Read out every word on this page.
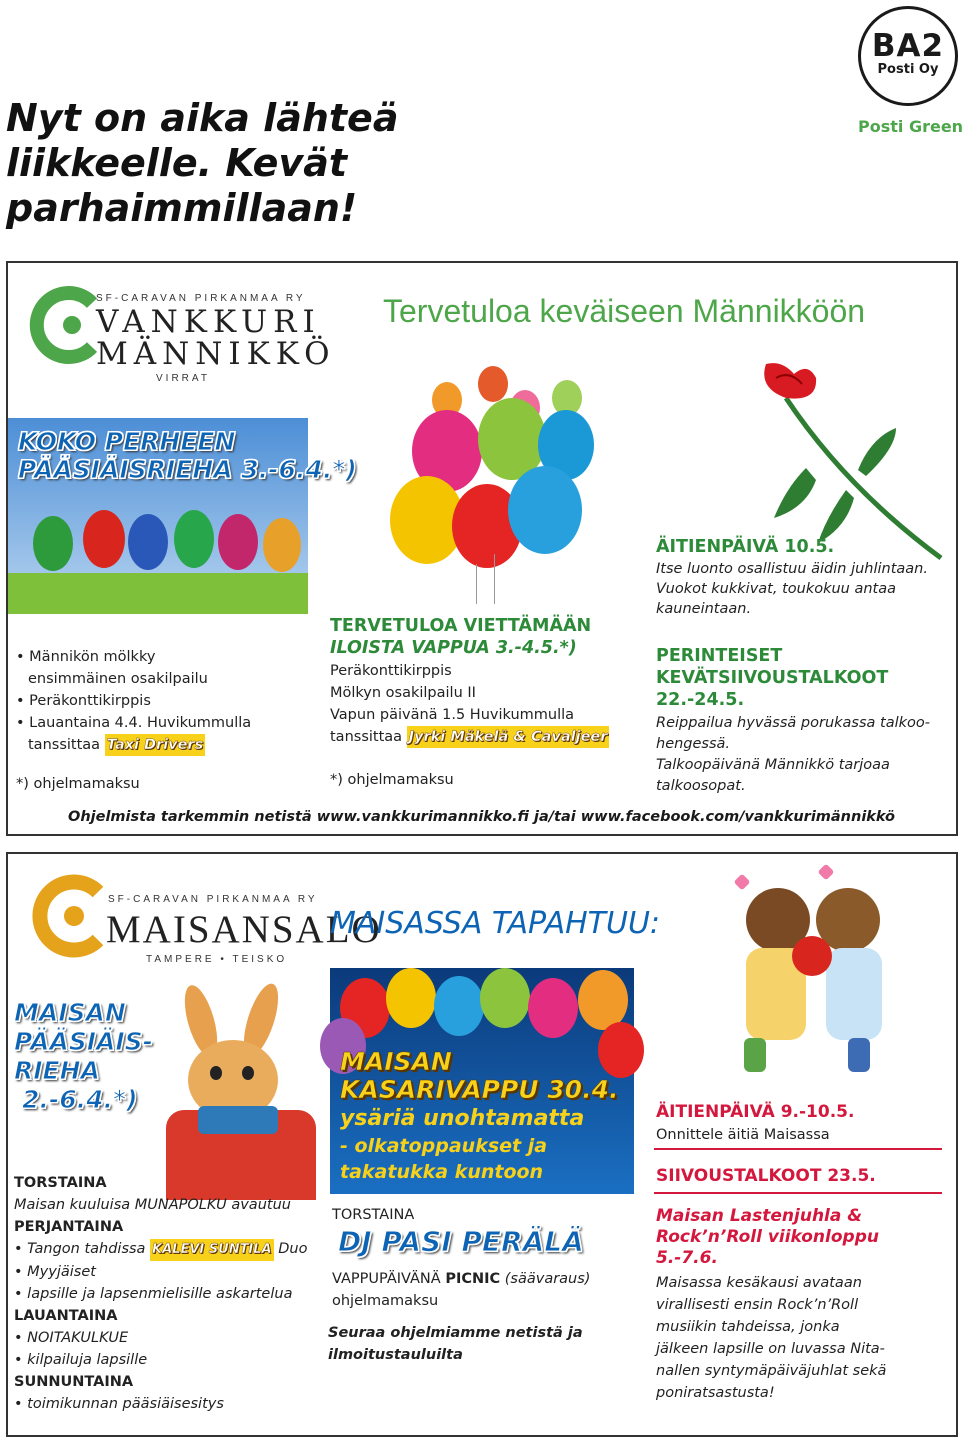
Nyt on aika lähteä liikkeelle. Kevät parhaimmillaan!
BA2
Posti Oy
Posti Green
SF-CARAVAN PIRKANMAA RY
VANKKURI
MÄNNIKKÖ
VIRRAT
Tervetuloa keväiseen Männikköön
KOKO PERHEEN
PÄÄSIÄISRIEHA 3.-6.4.*)
• Männikön mölkky
ensimmäinen osakilpailu
• Peräkonttikirppis
• Lauantaina 4.4. Huvikummulla
tanssittaa Taxi Drivers
*) ohjelmamaksu
TERVETULOA VIETTÄMÄÄN
ILOISTA VAPPUA 3.-4.5.*)
Peräkonttikirppis
Mölkyn osakilpailu II
Vapun päivänä 1.5 Huvikummulla
tanssittaa Jyrki Mäkelä & Cavaljeer
*) ohjelmamaksu
ÄITIENPÄIVÄ 10.5.
Itse luonto osallistuu äidin juhlintaan.
Vuokot kukkivat, toukokuu antaa
kauneintaan.
PERINTEISET
KEVÄTSIIVOUSTALKOOT
22.-24.5.
Reippailua hyvässä porukassa talkoo-
hengessä.
Talkoopäivänä Männikkö tarjoaa
talkoosopat.
Ohjelmista tarkemmin netistä www.vankkurimannikko.fi ja/tai www.facebook.com/vankkurimännikkö
SF-CARAVAN PIRKANMAA RY
MAISANSALO
TAMPERE • TEISKO
MAISASSA TAPAHTUU:
MAISAN
PÄÄSIÄIS-
RIEHA
2.-6.4.*)
TORSTAINA
Maisan kuuluisa MUNAPOLKU avautuu
PERJANTAINA
• Tangon tahdissa KALEVI SUNTILA Duo
• Myyjäiset
• lapsille ja lapsenmielisille askartelua
LAUANTAINA
• NOITAKULKUE
• kilpailuja lapsille
SUNNUNTAINA
• toimikunnan pääsiäisesitys
MAISAN
KASARIVAPPU 30.4.
ysäriä unohtamatta
- olkatoppaukset ja
takatukka kuntoon
TORSTAINA
DJ PASI PERÄLÄ
VAPPUPÄIVÄNÄ PICNIC (säävaraus)
ohjelmamaksu
Seuraa ohjelmiamme netistä ja
ilmoitustauluilta
ÄITIENPÄIVÄ 9.-10.5.
Onnittele äitiä Maisassa
SIIVOUSTALKOOT 23.5.
Maisan Lastenjuhla &
Rock’n’Roll viikonloppu
5.-7.6.
Maisassa kesäkausi avataan
virallisesti ensin Rock’n’Roll
musiikin tahdeissa, jonka
jälkeen lapsille on luvassa Nita-
nallen syntymäpäiväjuhlat sekä
poniratsastusta!
